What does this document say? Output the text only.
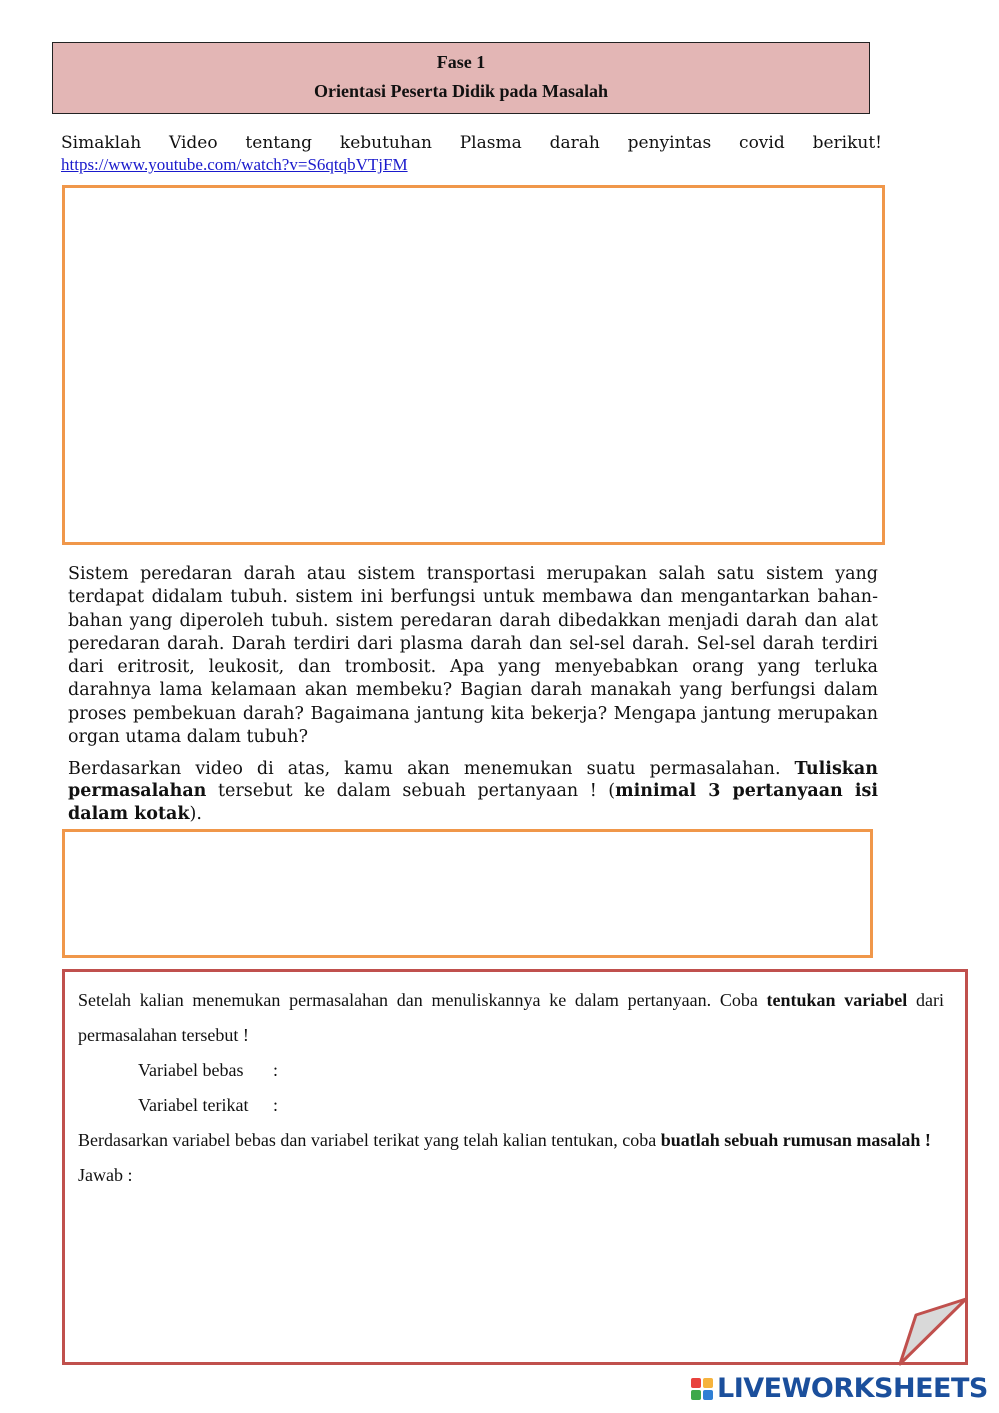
Fase 1
Orientasi Peserta Didik pada Masalah
Simaklah Video tentang kebutuhan Plasma darah penyintas covid berikut!
https://www.youtube.com/watch?v=S6qtqbVTjFM
Sistem peredaran darah atau sistem transportasi merupakan salah satu sistem yang terdapat didalam tubuh. sistem ini berfungsi untuk membawa dan mengantarkan bahan-bahan yang diperoleh tubuh. sistem peredaran darah dibedakkan menjadi darah dan alat peredaran darah. Darah terdiri dari plasma darah dan sel-sel darah. Sel-sel darah terdiri dari eritrosit, leukosit, dan trombosit. Apa yang menyebabkan orang yang terluka darahnya lama kelamaan akan membeku? Bagian darah manakah yang berfungsi dalam proses pembekuan darah? Bagaimana jantung kita bekerja? Mengapa jantung merupakan organ utama dalam tubuh?
Berdasarkan video di atas, kamu akan menemukan suatu permasalahan. Tuliskan permasalahan tersebut ke dalam sebuah pertanyaan ! (minimal 3 pertanyaan isi dalam kotak).
Setelah kalian menemukan permasalahan dan menuliskannya ke dalam pertanyaan. Coba tentukan variabel dari permasalahan tersebut !
Variabel bebas :
Variabel terikat :
Berdasarkan variabel bebas dan variabel terikat yang telah kalian tentukan, coba buatlah sebuah rumusan masalah !
Jawab :
LIVEWORKSHEETS
